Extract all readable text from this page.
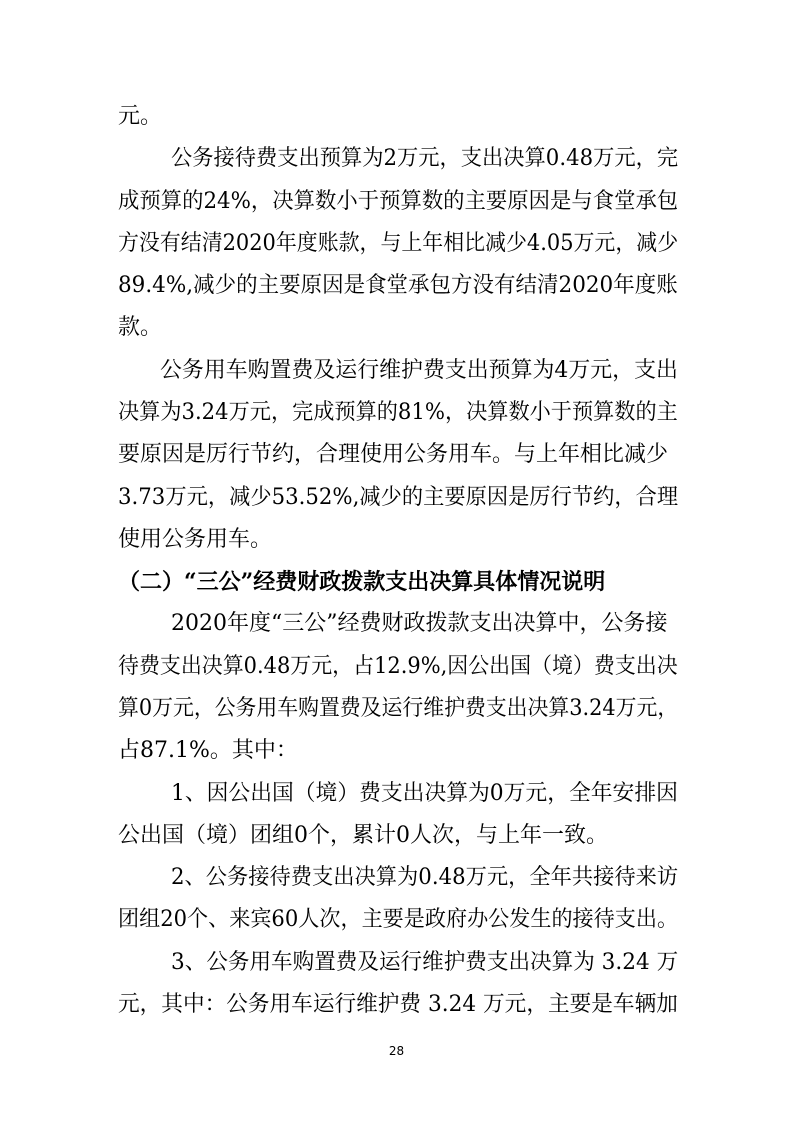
元。
公务接待费支出预算为2万元，支出决算0.48万元，完
成预算的24%，决算数小于预算数的主要原因是与食堂承包
方没有结清2020年度账款，与上年相比减少4.05万元，减少
89.4%,减少的主要原因是食堂承包方没有结清2020年度账
款。
公务用车购置费及运行维护费支出预算为4万元，支出
决算为3.24万元，完成预算的81%，决算数小于预算数的主
要原因是厉行节约，合理使用公务用车。与上年相比减少
3.73万元，减少53.52%,减少的主要原因是厉行节约，合理
使用公务用车。
（二）“三公”经费财政拨款支出决算具体情况说明
2020年度“三公”经费财政拨款支出决算中，公务接
待费支出决算0.48万元，占12.9%,因公出国（境）费支出决
算0万元，公务用车购置费及运行维护费支出决算3.24万元，
占87.1%。其中：
1、因公出国（境）费支出决算为0万元，全年安排因
公出国（境）团组0个，累计0人次，与上年一致。
2、公务接待费支出决算为0.48万元，全年共接待来访
团组20个、来宾60人次，主要是政府办公发生的接待支出。
3、公务用车购置费及运行维护费支出决算为 3.24 万
元，其中：公务用车运行维护费 3.24 万元，主要是车辆加
28
